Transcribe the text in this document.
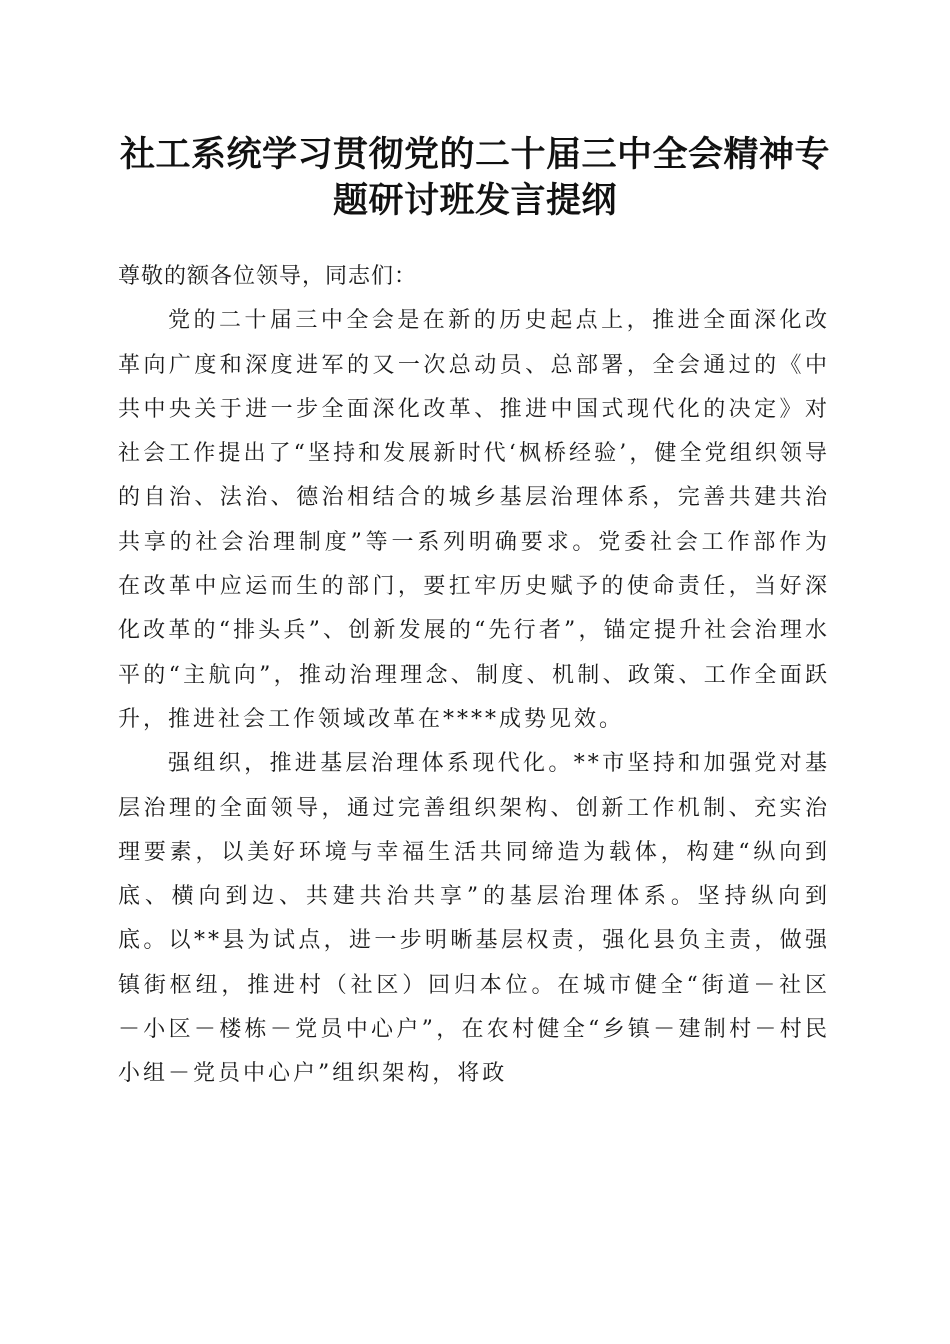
社工系统学习贯彻党的二十届三中全会精神专题研讨班发言提纲

尊敬的额各位领导，同志们：

党的二十届三中全会是在新的历史起点上，推进全面深化改革向广度和深度进军的又一次总动员、总部署，全会通过的《中共中央关于进一步全面深化改革、推进中国式现代化的决定》对社会工作提出了“坚持和发展新时代‘枫桥经验’，健全党组织领导的自治、法治、德治相结合的城乡基层治理体系，完善共建共治共享的社会治理制度”等一系列明确要求。党委社会工作部作为在改革中应运而生的部门，要扛牢历史赋予的使命责任，当好深化改革的“排头兵”、创新发展的“先行者”，锚定提升社会治理水平的“主航向”，推动治理理念、制度、机制、政策、工作全面跃升，推进社会工作领域改革在****成势见效。

强组织，推进基层治理体系现代化。**市坚持和加强党对基层治理的全面领导，通过完善组织架构、创新工作机制、充实治理要素，以美好环境与幸福生活共同缔造为载体，构建“纵向到底、横向到边、共建共治共享”的基层治理体系。坚持纵向到底。以**县为试点，进一步明晰基层权责，强化县负主责，做强镇街枢纽，推进村（社区）回归本位。在城市健全“街道－社区－小区－楼栋－党员中心户”，在农村健全“乡镇－建制村－村民小组－党员中心户”组织架构，将政
